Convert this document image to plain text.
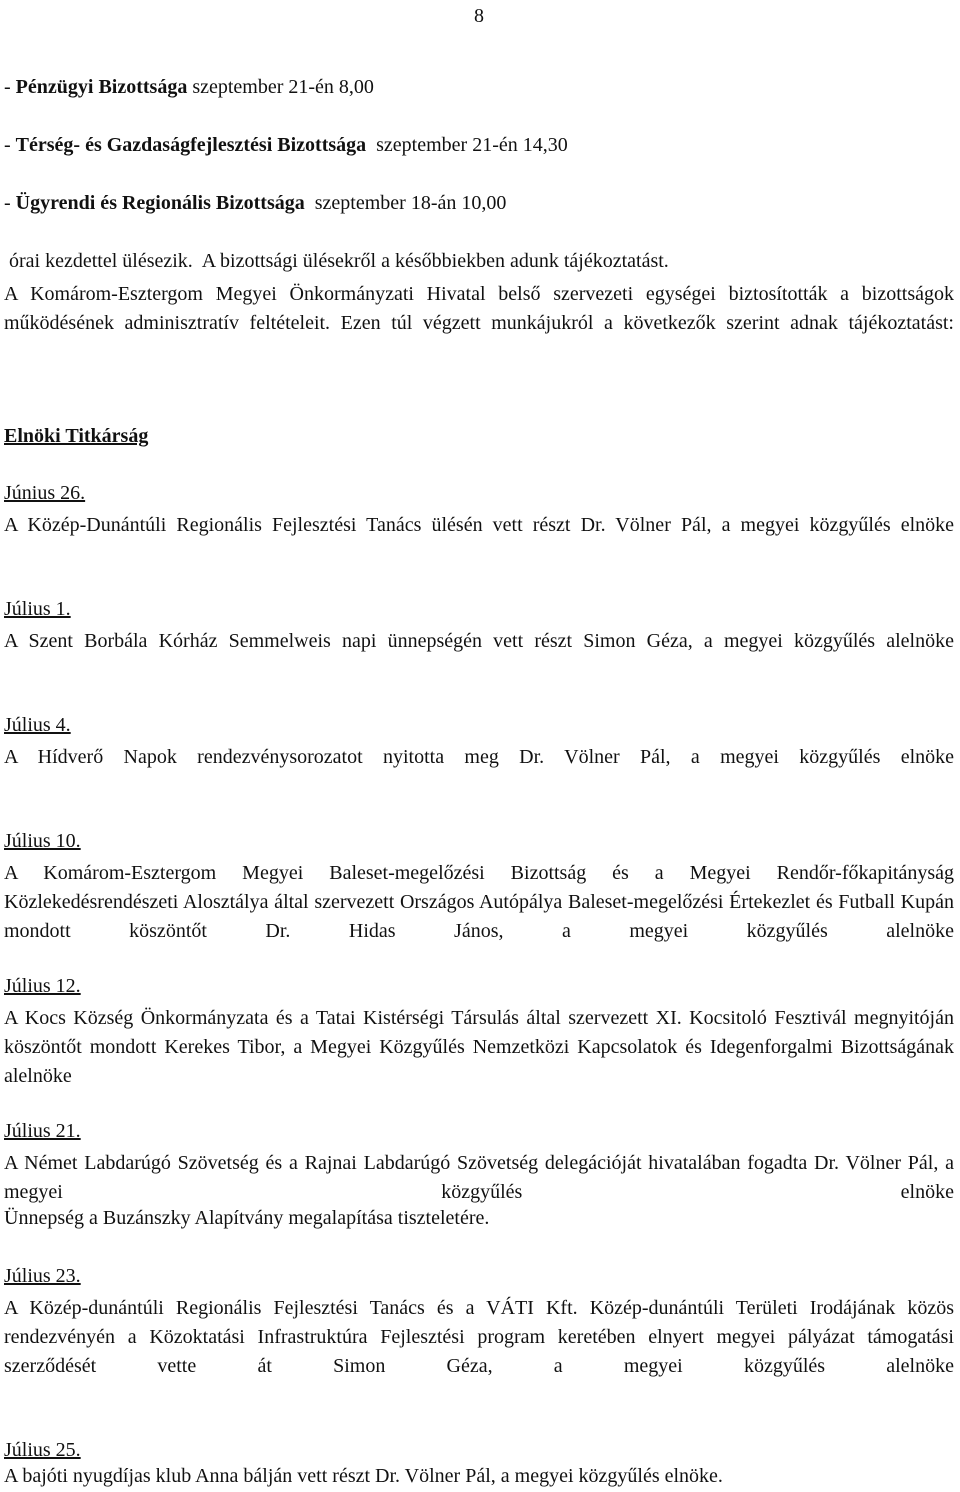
8
- Pénzügyi Bizottsága szeptember 21-én 8,00
- Térség- és Gazdaságfejlesztési Bizottsága  szeptember 21-én 14,30
- Ügyrendi és Regionális Bizottsága  szeptember 18-án 10,00
órai kezdettel ülésezik.  A bizottsági ülésekről a későbbiekben adunk tájékoztatást.
A Komárom-Esztergom Megyei Önkormányzati Hivatal belső szervezeti egységei biztosították a bizottságok működésének adminisztratív feltételeit. Ezen túl végzett munkájukról a következők szerint adnak tájékoztatást:
Elnöki Titkárság
Június 26.
A Közép-Dunántúli Regionális Fejlesztési Tanács ülésén vett részt Dr. Völner Pál, a megyei közgyűlés elnöke
Július 1.
A Szent Borbála Kórház Semmelweis napi ünnepségén vett részt Simon Géza, a megyei közgyűlés alelnöke
Július 4.
A Hídverő Napok rendezvénysorozatot nyitotta meg Dr. Völner Pál, a megyei közgyűlés elnöke
Július 10.
A Komárom-Esztergom Megyei Baleset-megelőzési Bizottság és a Megyei Rendőr-főkapitányság Közlekedésrendészeti Alosztálya által szervezett Országos Autópálya Baleset-megelőzési Értekezlet és Futball Kupán mondott köszöntőt Dr. Hidas János, a megyei közgyűlés alelnöke
Július 12.
A Kocs Község Önkormányzata és a Tatai Kistérségi Társulás által szervezett XI. Kocsitoló Fesztivál megnyitóján köszöntőt mondott Kerekes Tibor, a Megyei Közgyűlés Nemzetközi Kapcsolatok és Idegenforgalmi Bizottságának alelnöke
Július 21.
A Német Labdarúgó Szövetség és a Rajnai Labdarúgó Szövetség delegációját hivatalában fogadta Dr. Völner Pál, a megyei közgyűlés elnöke
Ünnepség a Buzánszky Alapítvány megalapítása tiszteletére.
Július 23.
A Közép-dunántúli Regionális Fejlesztési Tanács és a VÁTI Kft. Közép-dunántúli Területi Irodájának közös rendezvényén a Közoktatási Infrastruktúra Fejlesztési program keretében elnyert megyei pályázat támogatási szerződését vette át Simon Géza, a megyei közgyűlés alelnöke
Július 25.
A bajóti nyugdíjas klub Anna bálján vett részt Dr. Völner Pál, a megyei közgyűlés elnöke.
